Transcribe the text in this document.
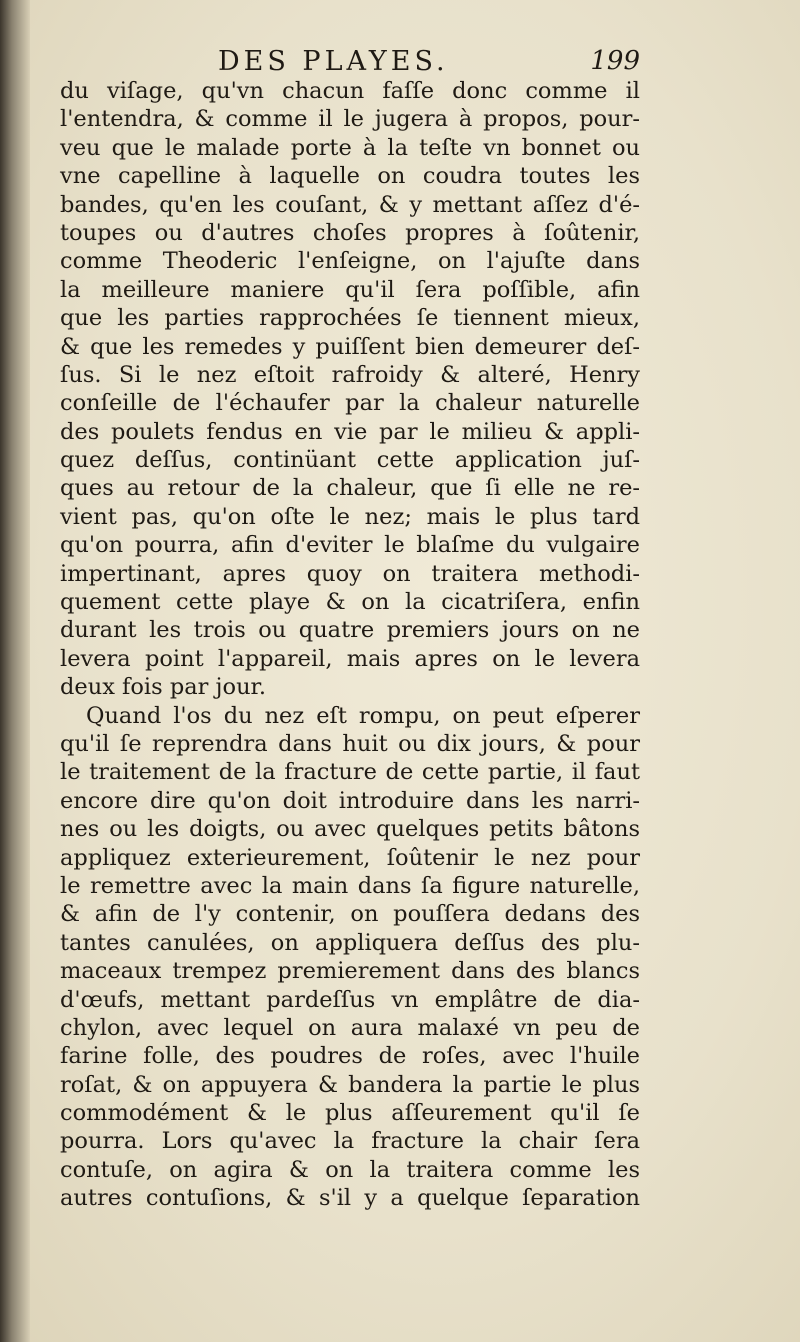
DES PLAYES.	199
du viſage, qu'vn chacun faſſe donc comme il
l'entendra, & comme il le jugera à propos, pour-
veu que le malade porte à la teſte vn bonnet ou
vne capelline à laquelle on coudra toutes les
bandes, qu'en les couſant, & y mettant aſſez d'é-
toupes ou d'autres choſes propres à ſoûtenir,
comme Theoderic l'enſeigne, on l'ajuſte dans
la meilleure maniere qu'il ſera poſſible, afin
que les parties rapprochées ſe tiennent mieux,
& que les remedes y puiſſent bien demeurer deſ-
ſus. Si le nez eſtoit rafroidy & alteré, Henry
conſeille de l'échaufer par la chaleur naturelle
des poulets fendus en vie par le milieu & appli-
quez deſſus, continüant cette application juſ-
ques au retour de la chaleur, que ſi elle ne re-
vient pas, qu'on oſte le nez; mais le plus tard
qu'on pourra, afin d'eviter le blaſme du vulgaire
impertinant, apres quoy on traitera methodi-
quement cette playe & on la cicatriſera, enfin
durant les trois ou quatre premiers jours on ne
levera point l'appareil, mais apres on le levera
deux fois par jour.
Quand l'os du nez eſt rompu, on peut eſperer
qu'il ſe reprendra dans huit ou dix jours, & pour
le traitement de la fracture de cette partie, il faut
encore dire qu'on doit introduire dans les narri-
nes ou les doigts, ou avec quelques petits bâtons
appliquez exterieurement, ſoûtenir le nez pour
le remettre avec la main dans ſa figure naturelle,
& afin de l'y contenir, on pouſſera dedans des
tantes canulées, on appliquera deſſus des plu-
maceaux trempez premierement dans des blancs
d'œufs, mettant pardeſſus vn emplâtre de dia-
chylon, avec lequel on aura malaxé vn peu de
farine folle, des poudres de roſes, avec l'huile
roſat, & on appuyera & bandera la partie le plus
commodément & le plus aſſeurement qu'il ſe
pourra. Lors qu'avec la fracture la chair ſera
contuſe, on agira & on la traitera comme les
autres contuſions, & s'il y a quelque ſeparation
